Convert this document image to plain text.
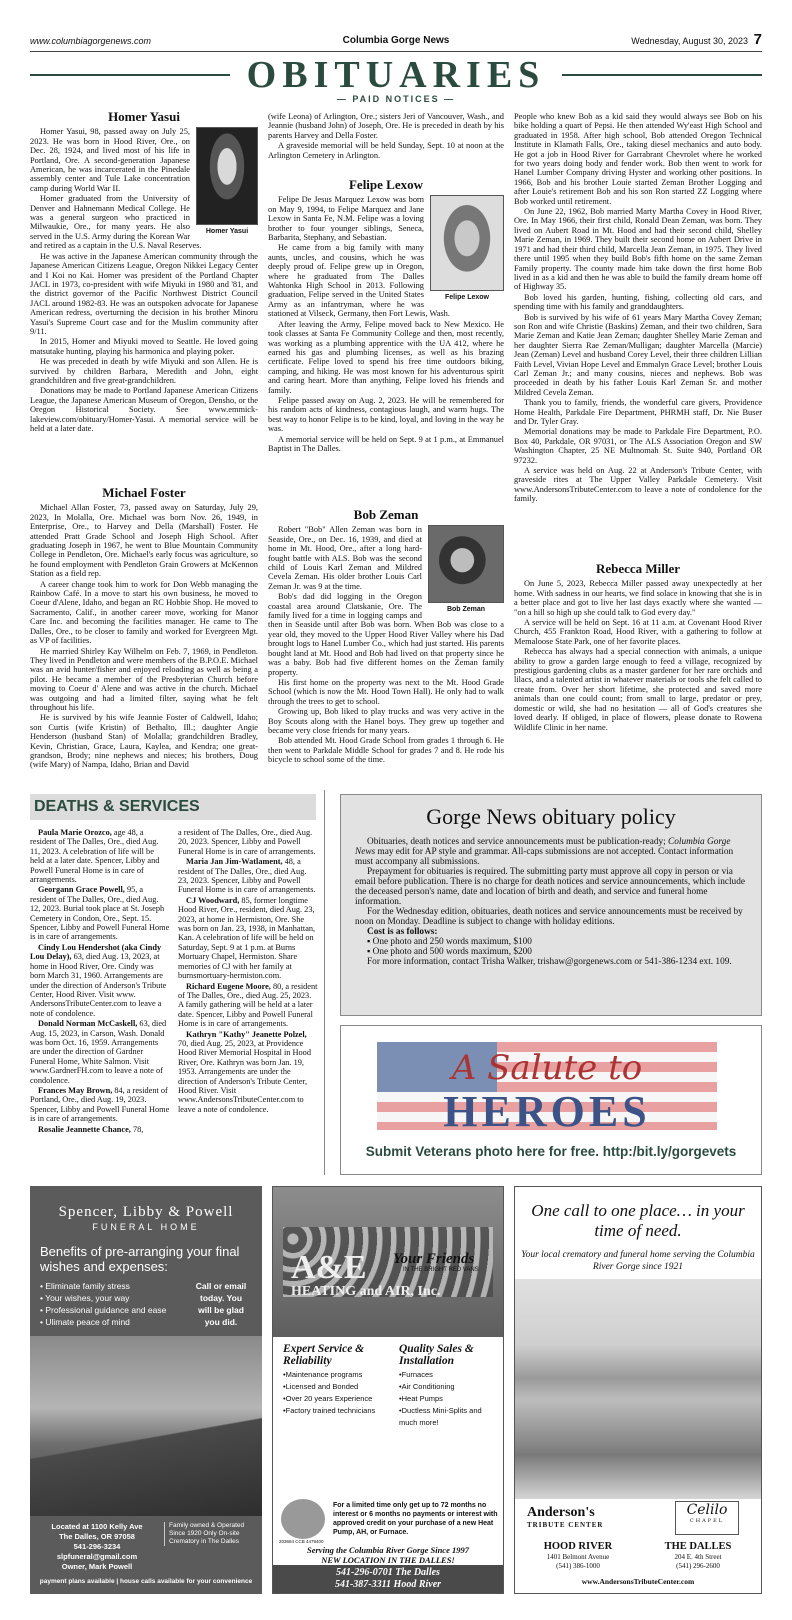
www.columbiagorgenews.com	Columbia Gorge News	Wednesday, August 30, 2023 7
OBITUARIES
— PAID NOTICES —
Homer Yasui
Homer Yasui

Homer Yasui, 98, passed away on July 25, 2023. He was born in Hood River, Ore., on Dec. 28, 1924, and lived most of his life in Portland, Ore. A second-generation Japanese American, he was incarcerated in the Pinedale assembly center and Tule Lake concentration camp during World War II.

Homer graduated from the University of Denver and Hahnemann Medical College. He was a general surgeon who practiced in Milwaukie, Ore., for many years. He also served in the U.S. Army during the Korean War and retired as a captain in the U.S. Naval Reserves.

He was active in the Japanese American community through the Japanese American Citizens League, Oregon Nikkei Legacy Center and I Koi no Kai. Homer was president of the Portland Chapter JACL in 1973, co-president with wife Miyuki in 1980 and '81, and the district governor of the Pacific Northwest District Council JACL around 1982-83. He was an outspoken advocate for Japanese American redress, overturning the decision in his brother Minoru Yasui's Supreme Court case and for the Muslim community after 9/11.

In 2015, Homer and Miyuki moved to Seattle. He loved going matsutake hunting, playing his harmonica and playing poker.

He was preceded in death by wife Miyuki and son Allen. He is survived by children Barbara, Meredith and John, eight grandchildren and five great-grandchildren.

Donations may be made to Portland Japanese American Citizens League, the Japanese American Museum of Oregon, Densho, or the Oregon Historical Society. See www.emmick-lakeview.com/obituary/Homer-Yasui. A memorial service will be held at a later date.

Michael Foster

Michael Allan Foster, 73, passed away on Saturday, July 29, 2023, In Molalla, Ore. Michael was born Nov. 26, 1949, in Enterprise, Ore., to Harvey and Della (Marshall) Foster. He attended Pratt Grade School and Joseph High School. After graduating Joseph in 1967, he went to Blue Mountain Community College in Pendleton, Ore. Michael's early focus was agriculture, so he found employment with Pendleton Grain Growers at McKennon Station as a field rep.

A career change took him to work for Don Webb managing the Rainbow Café. In a move to start his own business, he moved to Coeur d'Alene, Idaho, and began an RC Hobbie Shop. He moved to Sacramento, Calif., in another career move, working for Manor Care Inc. and becoming the facilities manager. He came to The Dalles, Ore., to be closer to family and worked for Evergreen Mgt. as VP of facilities.

He married Shirley Kay Wilhelm on Feb. 7, 1969, in Pendleton. They lived in Pendleton and were members of the B.P.O.E. Michael was an avid hunter/fisher and enjoyed reloading as well as being a pilot. He became a member of the Presbyterian Church before moving to Coeur d' Alene and was active in the church. Michael was outgoing and had a limited filter, saying what he felt throughout his life.

He is survived by his wife Jeannie Foster of Caldwell, Idaho; son Curtis (wife Kristin) of Bethalto, Ill.; daughter Angie Henderson (husband Stan) of Molalla; grandchildren Bradley, Kevin, Christian, Grace, Laura, Kaylea, and Kendra; one great-grandson, Brody; nine nephews and nieces; his brothers, Doug (wife Mary) of Nampa, Idaho, Brian and David

(wife Leona) of Arlington, Ore.; sisters Jeri of Vancouver, Wash., and Jeannie (husband John) of Joseph, Ore. He is preceded in death by his parents Harvey and Della Foster.

A graveside memorial will be held Sunday, Sept. 10 at noon at the Arlington Cemetery in Arlington.

Felipe Lexow
Felipe Lexow

Felipe De Jesus Marquez Lexow was born on May 9, 1994, to Felipe Marquez and Jane Lexow in Santa Fe, N.M. Felipe was a loving brother to four younger siblings, Seneca, Barbarita, Stephany, and Sebastian.

He came from a big family with many aunts, uncles, and cousins, which he was deeply proud of. Felipe grew up in Oregon, where he graduated from The Dalles Wahtonka High School in 2013. Following graduation, Felipe served in the United States Army as an infantryman, where he was stationed at Vilseck, Germany, then Fort Lewis, Wash.

After leaving the Army, Felipe moved back to New Mexico. He took classes at Santa Fe Community College and then, most recently, was working as a plumbing apprentice with the UA 412, where he earned his gas and plumbing licenses, as well as his brazing certificate. Felipe loved to spend his free time outdoors biking, camping, and hiking. He was most known for his adventurous spirit and caring heart. More than anything, Felipe loved his friends and family.

Felipe passed away on Aug. 2, 2023. He will be remembered for his random acts of kindness, contagious laugh, and warm hugs. The best way to honor Felipe is to be kind, loyal, and loving in the way he was.

A memorial service will be held on Sept. 9 at 1 p.m., at Emmanuel Baptist in The Dalles.

Bob Zeman
Bob Zeman

Robert "Bob" Allen Zeman was born in Seaside, Ore., on Dec. 16, 1939, and died at home in Mt. Hood, Ore., after a long hard-fought battle with ALS. Bob was the second child of Louis Karl Zeman and Mildred Cevela Zeman. His older brother Louis Carl Zeman Jr. was 9 at the time.

Bob's dad did logging in the Oregon coastal area around Clatskanie, Ore. The family lived for a time in logging camps and then in Seaside until after Bob was born. When Bob was close to a year old, they moved to the Upper Hood River Valley where his Dad brought logs to Hanel Lumber Co., which had just started. His parents bought land at Mt. Hood and Bob had lived on that property since he was a baby. Bob had five different homes on the Zeman family property.

His first home on the property was next to the Mt. Hood Grade School (which is now the Mt. Hood Town Hall). He only had to walk through the trees to get to school.

Growing up, Bob liked to play trucks and was very active in the Boy Scouts along with the Hanel boys. They grew up together and became very close friends for many years.

Bob attended Mt. Hood Grade School from grades 1 through 6. He then went to Parkdale Middle School for grades 7 and 8. He rode his bicycle to school some of the time.

People who knew Bob as a kid said they would always see Bob on his bike holding a quart of Pepsi. He then attended Wy'east High School and graduated in 1958. After high school, Bob attended Oregon Technical Institute in Klamath Falls, Ore., taking diesel mechanics and auto body. He got a job in Hood River for Garrabrant Chevrolet where he worked for two years doing body and fender work. Bob then went to work for Hanel Lumber Company driving Hyster and working other positions. In 1966, Bob and his brother Louie started Zeman Brother Logging and after Louie's retirement Bob and his son Ron started ZZ Logging where Bob worked until retirement.

On June 22, 1962, Bob married Marty Martha Covey in Hood River, Ore. In May 1966, their first child, Ronald Dean Zeman, was born. They lived on Aubert Road in Mt. Hood and had their second child, Shelley Marie Zeman, in 1969. They built their second home on Aubert Drive in 1971 and had their third child, Marcella Jean Zeman, in 1975. They lived there until 1995 when they build Bob's fifth home on the same Zeman Family property. The county made him take down the first home Bob lived in as a kid and then he was able to build the family dream home off of Highway 35.

Bob loved his garden, hunting, fishing, collecting old cars, and spending time with his family and granddaughters.

Bob is survived by his wife of 61 years Mary Martha Covey Zeman; son Ron and wife Christie (Baskins) Zeman, and their two children, Sara Marie Zeman and Katie Jean Zeman; daughter Shelley Marie Zeman and her daughter Sierra Rae Zeman/Mulligan; daughter Marcella (Marcie) Jean (Zeman) Level and husband Corey Level, their three children Lillian Faith Level, Vivian Hope Level and Emmalyn Grace Level; brother Louis Carl Zeman Jr.; and many cousins, nieces and nephews. Bob was proceeded in death by his father Louis Karl Zeman Sr. and mother Mildred Cevela Zeman.

Thank you to family, friends, the wonderful care givers, Providence Home Health, Parkdale Fire Department, PHRMH staff, Dr. Nie Buser and Dr. Tyler Gray.

Memorial donations may be made to Parkdale Fire Department, P.O. Box 40, Parkdale, OR 97031, or The ALS Association Oregon and SW Washington Chapter, 25 NE Multnomah St. Suite 940, Portland OR 97232.

A service was held on Aug. 22 at Anderson's Tribute Center, with graveside rites at The Upper Valley Parkdale Cemetery. Visit www.AndersonsTributeCenter.com to leave a note of condolence for the family.

Rebecca Miller

On June 5, 2023, Rebecca Miller passed away unexpectedly at her home. With sadness in our hearts, we find solace in knowing that she is in a better place and got to live her last days exactly where she wanted — "on a hill so high up she could talk to God every day."

A service will be held on Sept. 16 at 11 a.m. at Covenant Hood River Church, 455 Frankton Road, Hood River, with a gathering to follow at Memaloose State Park, one of her favorite places.

Rebecca has always had a special connection with animals, a unique ability to grow a garden large enough to feed a village, recognized by prestigious gardening clubs as a master gardener for her rare orchids and lilacs, and a talented artist in whatever materials or tools she felt called to create from. Over her short lifetime, she protected and saved more animals than one could count; from small to large, predator or prey, domestic or wild, she had no hesitation — all of God's creatures she loved dearly. If obliged, in place of flowers, please donate to Rowena Wildlife Clinic in her name.

DEATHS & SERVICES

Paula Marie Orozco, age 48, a resident of The Dalles, Ore., died Aug. 11, 2023. A celebration of life will be held at a later date. Spencer, Libby and Powell Funeral Home is in care of arrangements.

Georgann Grace Powell, 95, a resident of The Dalles, Ore., died Aug. 12, 2023. Burial took place at St. Joseph Cemetery in Condon, Ore., Sept. 15. Spencer, Libby and Powell Funeral Home is in care of arrangements.

Cindy Lou Hendershot (aka Cindy Lou Delay), 63, died Aug. 13, 2023, at home in Hood River, Ore. Cindy was born March 31, 1960. Arrangements are under the direction of Anderson's Tribute Center, Hood River. Visit www. AndersonsTributeCenter.com to leave a note of condolence.

Donald Norman McCaskell, 63, died Aug. 15, 2023, in Carson, Wash. Donald was born Oct. 16, 1959. Arrangements are under the direction of Gardner Funeral Home, White Salmon. Visit www.GardnerFH.com to leave a note of condolence.

Frances May Brown, 84, a resident of Portland, Ore., died Aug. 19, 2023. Spencer, Libby and Powell Funeral Home is in care of arrangements.

Rosalie Jeannette Chance, 78,

a resident of The Dalles, Ore., died Aug. 20, 2023. Spencer, Libby and Powell Funeral Home is in care of arrangements.

Maria Jan Jim-Watlament, 48, a resident of The Dalles, Ore., died Aug. 23, 2023. Spencer, Libby and Powell Funeral Home is in care of arrangements.

CJ Woodward, 85, former longtime Hood River, Ore., resident, died Aug. 23, 2023, at home in Hermiston, Ore. She was born on Jan. 23, 1938, in Manhattan, Kan. A celebration of life will be held on Saturday, Sept. 9 at 1 p.m. at Burns Mortuary Chapel, Hermiston. Share memories of CJ with her family at burnsmortuary-hermiston.com.

Richard Eugene Moore, 80, a resident of The Dalles, Ore., died Aug. 25, 2023. A family gathering will be held at a later date. Spencer, Libby and Powell Funeral Home is in care of arrangements.

Kathryn "Kathy" Jeanette Polzel, 70, died Aug. 25, 2023, at Providence Hood River Memorial Hospital in Hood River, Ore. Kathryn was born Jan. 19, 1953. Arrangements are under the direction of Anderson's Tribute Center, Hood River. Visit www.AndersonsTributeCenter.com to leave a note of condolence.

Gorge News obituary policy

Obituaries, death notices and service announcements must be publication-ready; Columbia Gorge News may edit for AP style and grammar. All-caps submissions are not accepted. Contact information must accompany all submissions.

Prepayment for obituaries is required. The submitting party must approve all copy in person or via email before publication. There is no charge for death notices and service announcements, which include the deceased person's name, date and location of birth and death, and service and funeral home information.

For the Wednesday edition, obituaries, death notices and service announcements must be received by noon on Monday. Deadline is subject to change with holiday editions.

Cost is as follows:

▪ One photo and 250 words maximum, $100

▪ One photo and 500 words maximum, $200

For more information, contact Trisha Walker, trishaw@gorgenews.com or 541-386-1234 ext. 109.

A Salute to
HEROES
Submit Veterans photo here for free. http:/bit.ly/gorgevets
Spencer, Libby & Powell
FUNERAL HOME
Benefits of pre-arranging your final wishes and expenses:
• Eliminate family stress
• Your wishes, your way
• Professional guidance and ease
• Ulimate peace of mind
Call or email today. You will be glad you did.
Located at 1100 Kelly Ave
The Dalles, OR 97058
541-296-3234
slpfuneral@gmail.com
Owner, Mark Powell
Family owned & Operated Since 1920 Only On-site Crematory in The Dalles
payment plans available | house calls available for your convenience
A&E
HEATING and AIR, Inc.
Your Friends
IN THE BRIGHT RED VANS
Expert Service & Reliability
• Maintenance programs
• Licensed and Bonded
• Over 20 years Experience
• Factory trained technicians
Quality Sales & Installation
• Furnaces
• Air Conditioning
• Heat Pumps
• Ductless Mini-Splits and much more!
203684 CCB 4479400
For a limited time only get up to 72 months no interest or 6 months no payments or interest with approved credit on your purchase of a new Heat Pump, AH, or Furnace.
Serving the Columbia River Gorge Since 1997
NEW LOCATION IN THE DALLES!
541-296-0701 The Dalles
541-387-3311 Hood River
One call to one place… in your time of need.
Your local crematory and funeral home serving the Columbia River Gorge since 1921
Anderson's
TRIBUTE CENTER
Celilo
CHAPEL
HOOD RIVER
1401 Belmont Avenue
(541) 386-1000
THE DALLES
204 E. 4th Street
(541) 296-2600
www.AndersonsTributeCenter.com
